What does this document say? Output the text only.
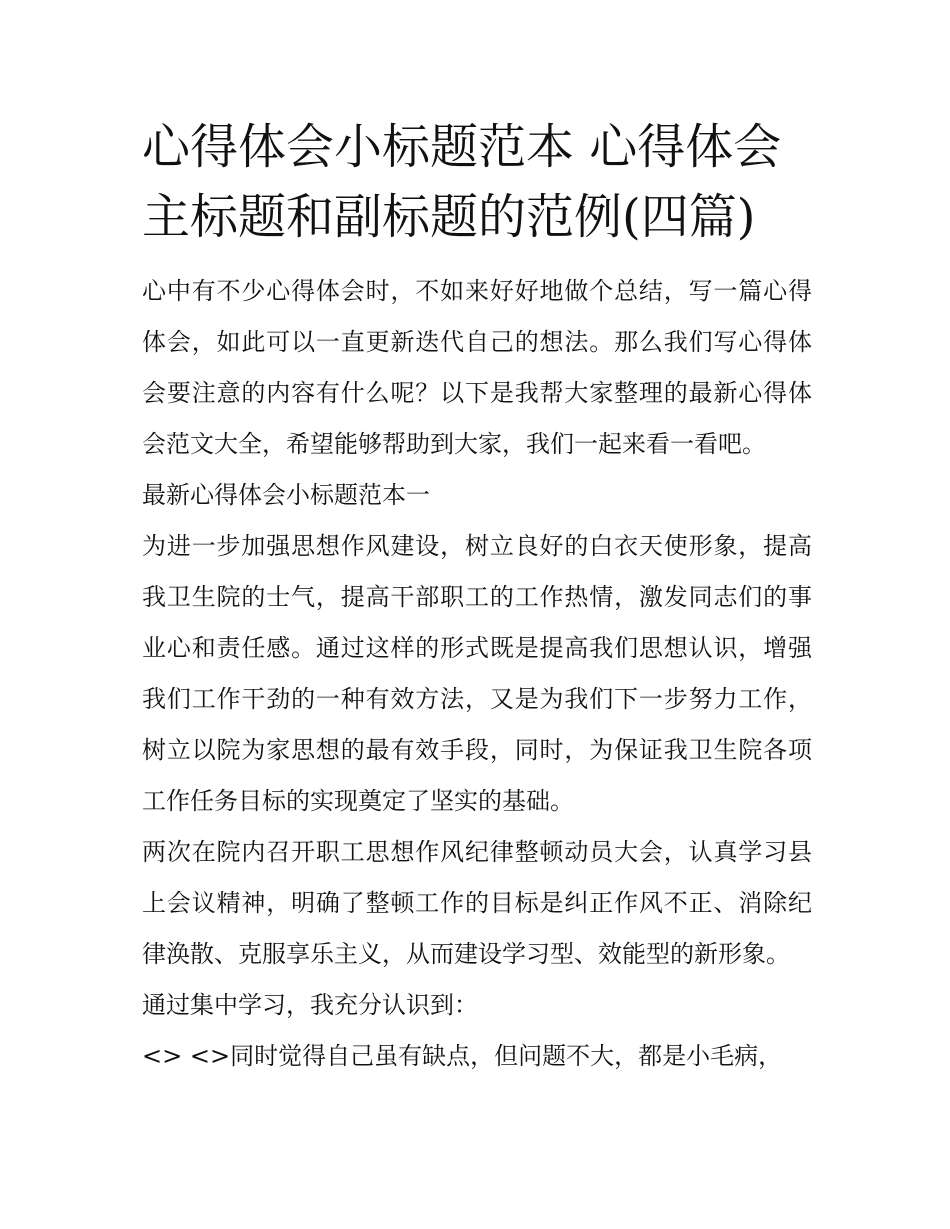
心得体会小标题范本 心得体会主标题和副标题的范例(四篇)

心中有不少心得体会时，不如来好好地做个总结，写一篇心得体会，如此可以一直更新迭代自己的想法。那么我们写心得体会要注意的内容有什么呢？以下是我帮大家整理的最新心得体会范文大全，希望能够帮助到大家，我们一起来看一看吧。

最新心得体会小标题范本一

为进一步加强思想作风建设，树立良好的白衣天使形象，提高我卫生院的士气，提高干部职工的工作热情，激发同志们的事业心和责任感。通过这样的形式既是提高我们思想认识，增强我们工作干劲的一种有效方法，又是为我们下一步努力工作，树立以院为家思想的最有效手段，同时，为保证我卫生院各项工作任务目标的实现奠定了坚实的基础。

两次在院内召开职工思想作风纪律整顿动员大会，认真学习县上会议精神，明确了整顿工作的目标是纠正作风不正、消除纪律涣散、克服享乐主义，从而建设学习型、效能型的新形象。

通过集中学习，我充分认识到：

<> <>同时觉得自己虽有缺点，但问题不大，都是小毛病，
